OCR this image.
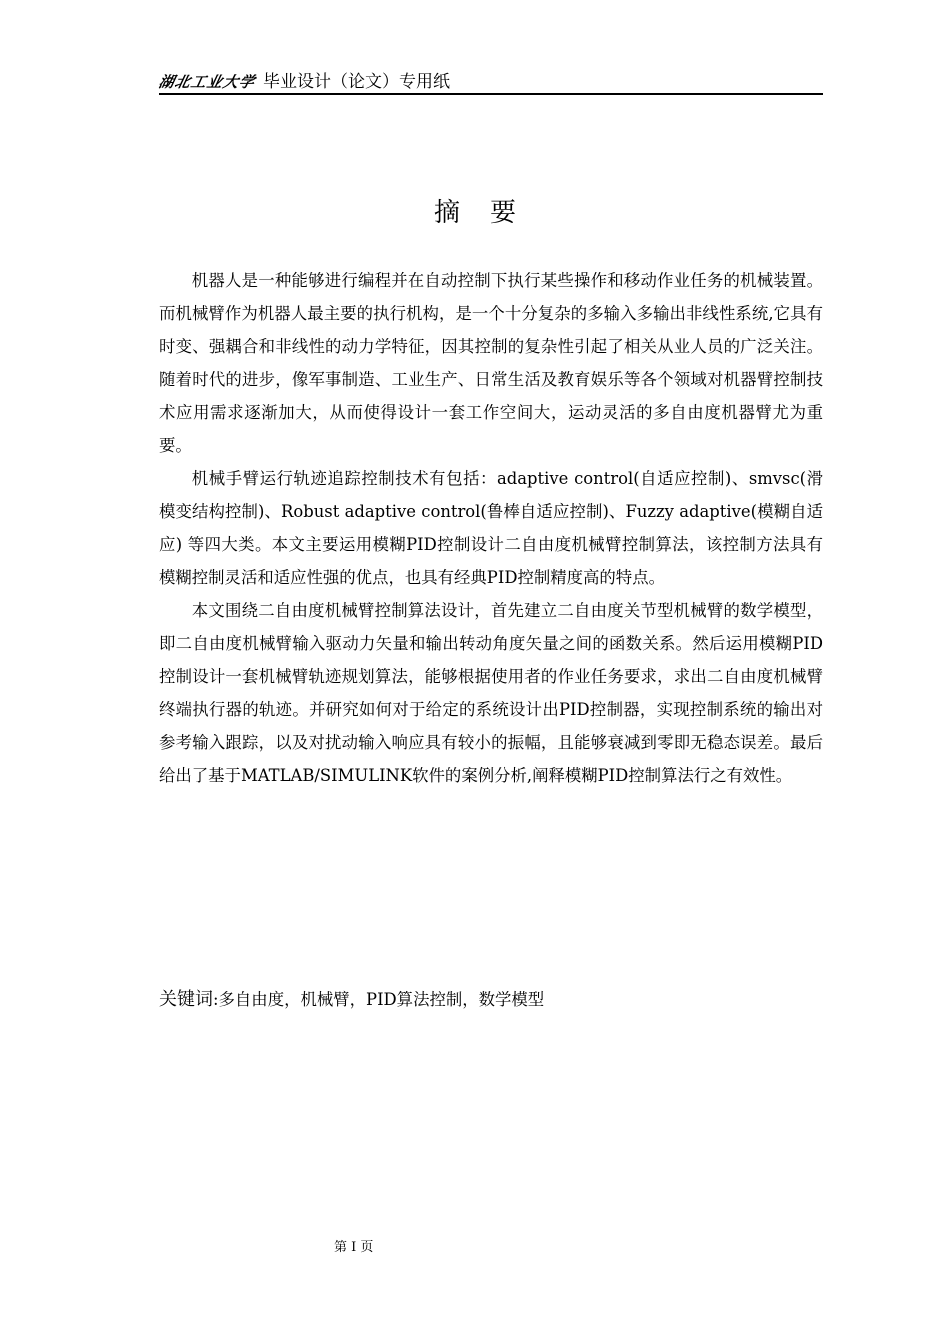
湖北工业大学 毕业设计（论文）专用纸
摘要

机器人是一种能够进行编程并在自动控制下执行某些操作和移动作业任务的机械装置。而机械臂作为机器人最主要的执行机构，是一个十分复杂的多输入多输出非线性系统,它具有时变、强耦合和非线性的动力学特征，因其控制的复杂性引起了相关从业人员的广泛关注。随着时代的进步，像军事制造、工业生产、日常生活及教育娱乐等各个领域对机器臂控制技术应用需求逐渐加大，从而使得设计一套工作空间大，运动灵活的多自由度机器臂尤为重要。

机械手臂运行轨迹追踪控制技术有包括：adaptive control(自适应控制)、smvsc(滑模变结构控制)、Robust adaptive control(鲁棒自适应控制)、Fuzzy adaptive(模糊自适应) 等四大类。本文主要运用模糊PID控制设计二自由度机械臂控制算法，该控制方法具有模糊控制灵活和适应性强的优点，也具有经典PID控制精度高的特点。

本文围绕二自由度机械臂控制算法设计，首先建立二自由度关节型机械臂的数学模型，即二自由度机械臂输入驱动力矢量和输出转动角度矢量之间的函数关系。然后运用模糊PID控制设计一套机械臂轨迹规划算法，能够根据使用者的作业任务要求，求出二自由度机械臂终端执行器的轨迹。并研究如何对于给定的系统设计出PID控制器，实现控制系统的输出对参考输入跟踪，以及对扰动输入响应具有较小的振幅，且能够衰减到零即无稳态误差。最后给出了基于MATLAB/SIMULINK软件的案例分析,阐释模糊PID控制算法行之有效性。

关键词:多自由度，机械臂，PID算法控制，数学模型
第 I 页
